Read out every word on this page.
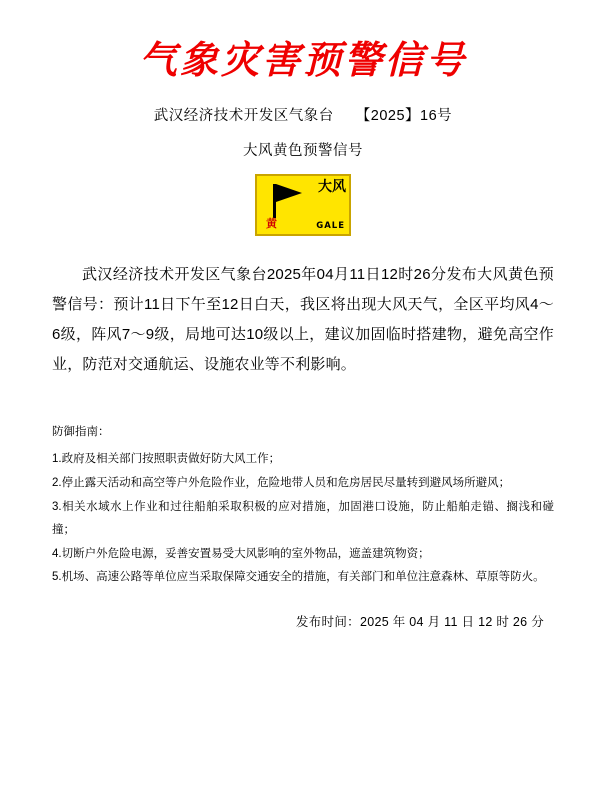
气象灾害预警信号
武汉经济技术开发区气象台 【2025】16号
大风黄色预警信号
黄
大风
GALE
武汉经济技术开发区气象台2025年04月11日12时26分发布大风黄色预警信号：预计11日下午至12日白天，我区将出现大风天气，全区平均风4～6级，阵风7～9级，局地可达10级以上，建议加固临时搭建物，避免高空作业，防范对交通航运、设施农业等不利影响。
防御指南：

1.政府及相关部门按照职责做好防大风工作；

2.停止露天活动和高空等户外危险作业，危险地带人员和危房居民尽量转到避风场所避风；

3.相关水域水上作业和过往船舶采取积极的应对措施，加固港口设施，防止船舶走锚、搁浅和碰撞；

4.切断户外危险电源，妥善安置易受大风影响的室外物品，遮盖建筑物资；

5.机场、高速公路等单位应当采取保障交通安全的措施，有关部门和单位注意森林、草原等防火。

发布时间：2025 年 04 月 11 日 12 时 26 分
